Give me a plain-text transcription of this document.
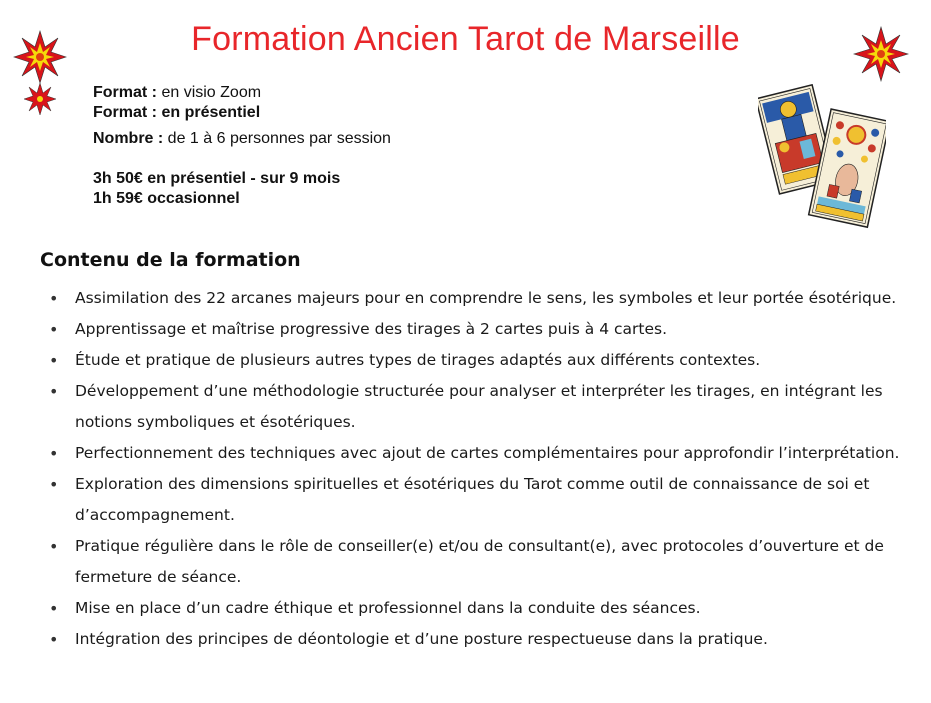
Formation Ancien Tarot de Marseille
Format : en visio Zoom
Format : en présentiel
Nombre : de 1 à 6 personnes par session
3h 50€ en présentiel - sur 9 mois
1h 59€ occasionnel
Contenu de la formation
• Assimilation des 22 arcanes majeurs pour en comprendre le sens, les symboles et leur portée ésotérique.
• Apprentissage et maîtrise progressive des tirages à 2 cartes puis à 4 cartes.
• Étude et pratique de plusieurs autres types de tirages adaptés aux différents contextes.
• Développement d’une méthodologie structurée pour analyser et interpréter les tirages, en intégrant les notions symboliques et ésotériques.
• Perfectionnement des techniques avec ajout de cartes complémentaires pour approfondir l’interprétation.
• Exploration des dimensions spirituelles et ésotériques du Tarot comme outil de connaissance de soi et d’accompagnement.
• Pratique régulière dans le rôle de conseiller(e) et/ou de consultant(e), avec protocoles d’ouverture et de fermeture de séance.
• Mise en place d’un cadre éthique et professionnel dans la conduite des séances.
• Intégration des principes de déontologie et d’une posture respectueuse dans la pratique.
